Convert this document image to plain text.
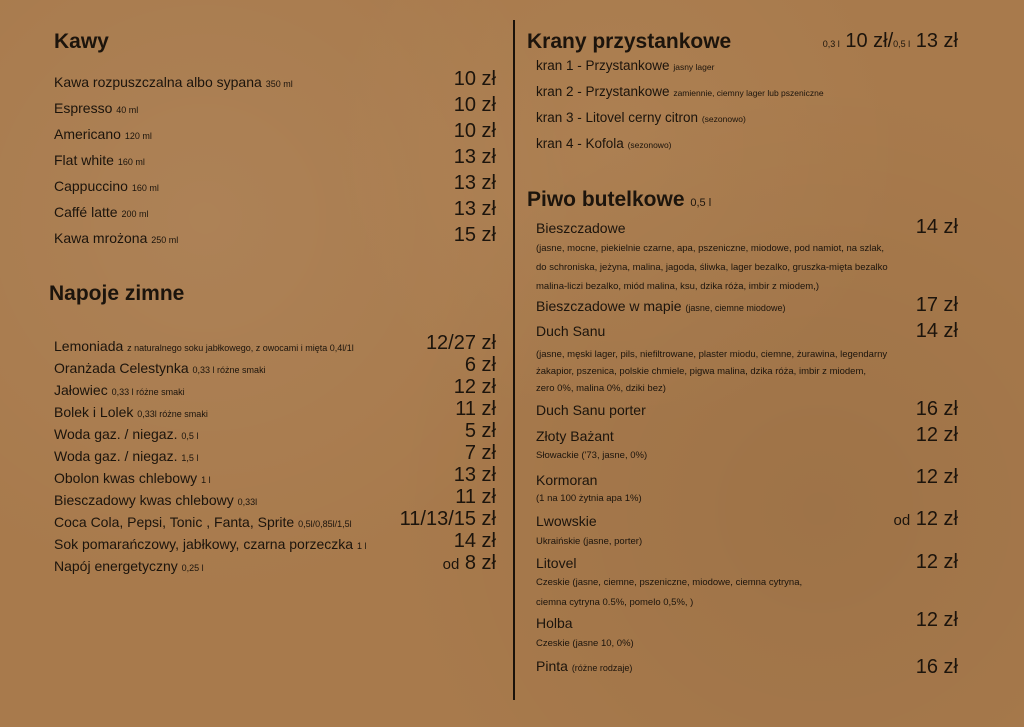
Kawy
Kawa rozpuszczalna albo sypana 350 ml	10 zł
Espresso 40 ml	10 zł
Americano 120 ml	10 zł
Flat white 160 ml	13 zł
Cappuccino 160 ml	13 zł
Caffé latte 200 ml	13 zł
Kawa mrożona 250 ml	15 zł
Napoje zimne
Lemoniada z naturalnego soku jabłkowego, z owocami i mięta 0,4l/1l	12/27 zł
Oranżada Celestynka 0,33 l różne smaki	6 zł
Jałowiec 0,33 l różne smaki	12 zł
Bolek i Lolek 0,33l różne smaki	11 zł
Woda gaz. / niegaz. 0,5 l	5 zł
Woda gaz. / niegaz. 1,5 l	7 zł
Obolon kwas chlebowy 1 l	13 zł
Biesczadowy kwas chlebowy 0,33l	11 zł
Coca Cola, Pepsi, Tonic , Fanta, Sprite 0,5l/0,85l/1,5l 11/13/15 zł
Sok pomarańczowy, jabłkowy, czarna porzeczka 1 l	14 zł
Napój energetyczny 0,25 l	od 8 zł
Krany przystankowe	0,3 l 10 zł/0,5 l 13 zł
kran 1 - Przystankowe jasny lager
kran 2 - Przystankowe zamiennie, ciemny lager lub pszeniczne
kran 3 - Litovel cerny citron (sezonowo)
kran 4 - Kofola (sezonowo)
Piwo butelkowe 0,5 l
Bieszczadowe	14 zł
(jasne, mocne, piekielnie czarne, apa, pszeniczne, miodowe, pod namiot, na szlak,
do schroniska, jeżyna, malina, jagoda, śliwka, lager bezalko, gruszka-mięta bezalko
malina-liczi bezalko, miód malina, ksu, dzika róża, imbir z miodem,)
Bieszczadowe w mapie (jasne, ciemne miodowe)	17 zł
Duch Sanu	14 zł
(jasne, męski lager, pils, niefiltrowane, plaster miodu, ciemne, żurawina, legendarny
żakapior, pszenica, polskie chmiele, pigwa malina, dzika róża, imbir z miodem,
zero 0%, malina 0%, dziki bez)
Duch Sanu porter	16 zł
Złoty Bażant	12 zł
Słowackie ('73, jasne, 0%)
Kormoran	12 zł
(1 na 100 żytnia apa 1%)
Lwowskie	od 12 zł
Ukraińskie (jasne, porter)
Litovel	12 zł
Czeskie (jasne, ciemne, pszeniczne, miodowe, ciemna cytryna,
ciemna cytryna 0.5%, pomelo 0,5%, )
Holba	12 zł
Czeskie (jasne 10, 0%)
Pinta (różne rodzaje)	16 zł
